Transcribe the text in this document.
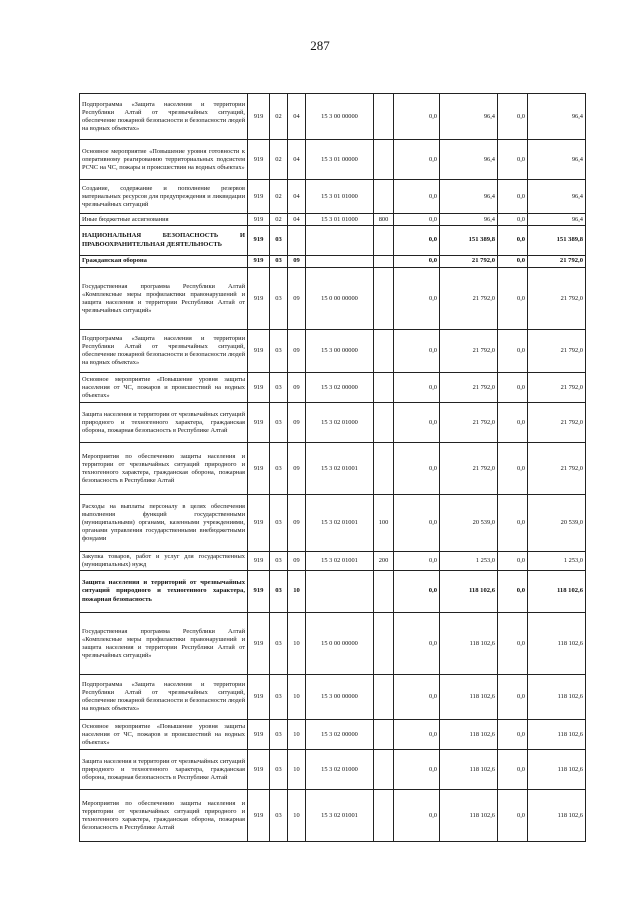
287
Подпрограмма «Защита населения и территории Республики Алтай от чрезвычайных ситуаций, обеспечение пожарной безопасности и безопасности людей на водных объектах»	919	02	04	15 3 00 00000		0,0	96,4	0,0	96,4
Основное мероприятие «Повышение уровня готовности к оперативному реагированию территориальных подсистем РСЧС на ЧС, пожары и происшествия на водных объектах»	919	02	04	15 3 01 00000		0,0	96,4	0,0	96,4
Создание, содержание и пополнение резервов материальных ресурсов для предупреждения и ликвидации чрезвычайных ситуаций	919	02	04	15 3 01 01000		0,0	96,4	0,0	96,4
Иные бюджетные ассигнования	919	02	04	15 3 01 01000	800	0,0	96,4	0,0	96,4
НАЦИОНАЛЬНАЯ БЕЗОПАСНОСТЬ И ПРАВООХРАНИТЕЛЬНАЯ ДЕЯТЕЛЬНОСТЬ	919	03				0,0	151 389,8	0,0	151 389,8
Гражданская оборона	919	03	09			0,0	21 792,0	0,0	21 792,0
Государственная программа Республики Алтай «Комплексные меры профилактики правонарушений и защита населения и территории Республики Алтай от чрезвычайных ситуаций»	919	03	09	15 0 00 00000		0,0	21 792,0	0,0	21 792,0
Подпрограмма «Защита населения и территории Республики Алтай от чрезвычайных ситуаций, обеспечение пожарной безопасности и безопасности людей на водных объектах»	919	03	09	15 3 00 00000		0,0	21 792,0	0,0	21 792,0
Основное мероприятие «Повышение уровня защиты населения от ЧС, пожаров и происшествий на водных объектах»	919	03	09	15 3 02 00000		0,0	21 792,0	0,0	21 792,0
Защита населения и территории от чрезвычайных ситуаций природного и техногенного характера, гражданская оборона, пожарная безопасность в Республике Алтай	919	03	09	15 3 02 01000		0,0	21 792,0	0,0	21 792,0
Мероприятия по обеспечению защиты населения и территории от чрезвычайных ситуаций природного и техногенного характера, гражданская оборона, пожарная безопасность в Республике Алтай	919	03	09	15 3 02 01001		0,0	21 792,0	0,0	21 792,0
Расходы на выплаты персоналу в целях обеспечения выполнения функций государственными (муниципальными) органами, казенными учреждениями, органами управления государственными внебюджетными фондами	919	03	09	15 3 02 01001	100	0,0	20 539,0	0,0	20 539,0
Закупка товаров, работ и услуг для государственных (муниципальных) нужд	919	03	09	15 3 02 01001	200	0,0	1 253,0	0,0	1 253,0
Защита населения и территорий от чрезвычайных ситуаций природного и техногенного характера, пожарная безопасность	919	03	10			0,0	118 102,6	0,0	118 102,6
Государственная программа Республики Алтай «Комплексные меры профилактики правонарушений и защита населения и территории Республики Алтай от чрезвычайных ситуаций»	919	03	10	15 0 00 00000		0,0	118 102,6	0,0	118 102,6
Подпрограмма «Защита населения и территории Республики Алтай от чрезвычайных ситуаций, обеспечение пожарной безопасности и безопасности людей на водных объектах»	919	03	10	15 3 00 00000		0,0	118 102,6	0,0	118 102,6
Основное мероприятие «Повышение уровня защиты населения от ЧС, пожаров и происшествий на водных объектах»	919	03	10	15 3 02 00000		0,0	118 102,6	0,0	118 102,6
Защита населения и территории от чрезвычайных ситуаций природного и техногенного характера, гражданская оборона, пожарная безопасность в Республике Алтай	919	03	10	15 3 02 01000		0,0	118 102,6	0,0	118 102,6
Мероприятия по обеспечению защиты населения и территории от чрезвычайных ситуаций природного и техногенного характера, гражданская оборона, пожарная безопасность в Республике Алтай	919	03	10	15 3 02 01001		0,0	118 102,6	0,0	118 102,6
